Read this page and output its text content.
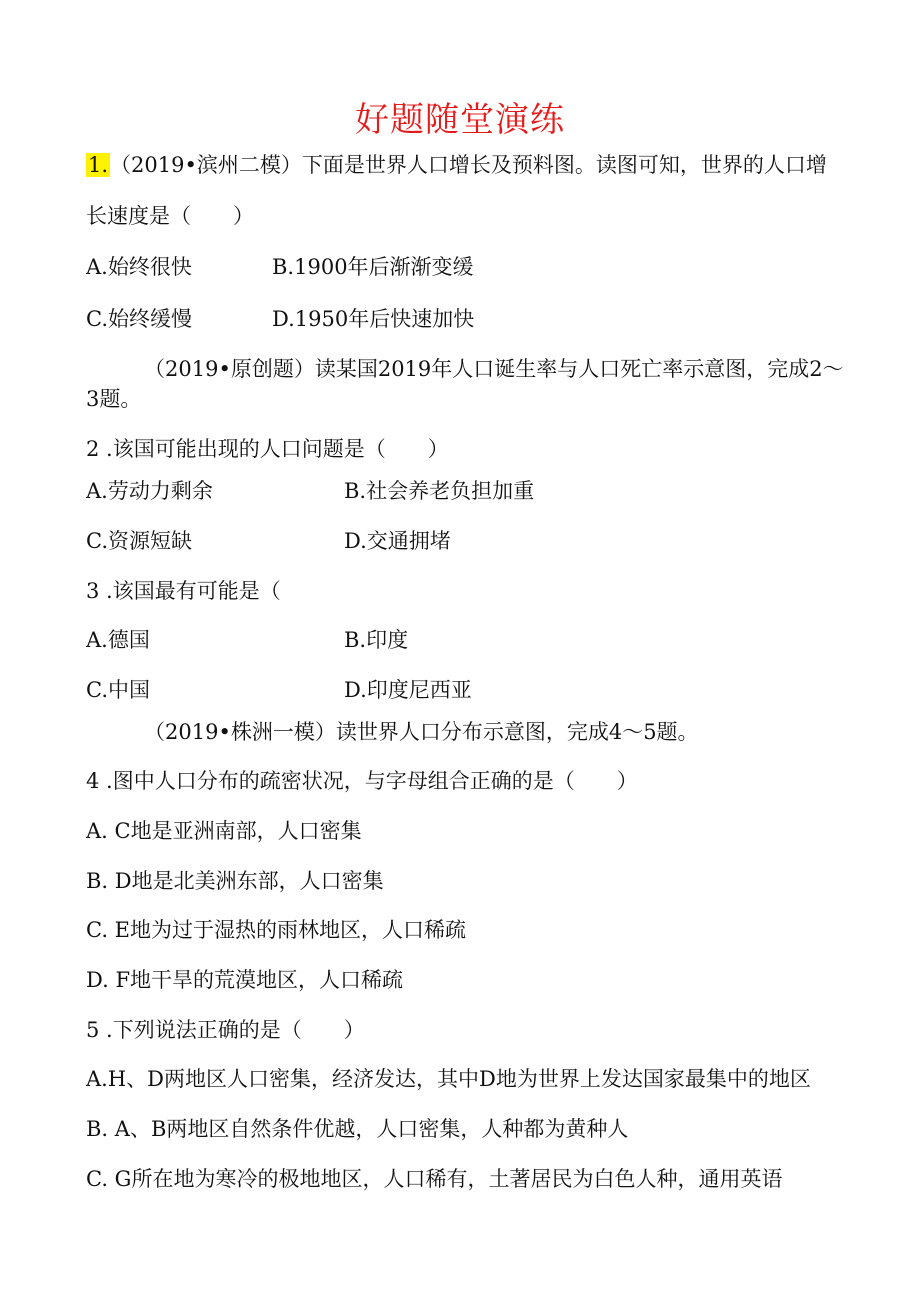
好题随堂演练
1.（2019•滨州二模）下面是世界人口增长及预料图。读图可知，世界的人口增
长速度是（　　）
A.始终很快	B.1900年后渐渐变缓
C.始终缓慢	D.1950年后快速加快
（2019•原创题）读某国2019年人口诞生率与人口死亡率示意图，完成2～
3题。
2 .该国可能出现的人口问题是（　　）
A.劳动力剩余	B.社会养老负担加重
C.资源短缺	D.交通拥堵
3 .该国最有可能是（
A.德国	B.印度
C.中国	D.印度尼西亚
（2019•株洲一模）读世界人口分布示意图，完成4～5题。
4 .图中人口分布的疏密状况，与字母组合正确的是（　　）
A. C地是亚洲南部，人口密集
B. D地是北美洲东部，人口密集
C. E地为过于湿热的雨林地区，人口稀疏
D. F地干旱的荒漠地区，人口稀疏
5 .下列说法正确的是（　　）
A.H、D两地区人口密集，经济发达，其中D地为世界上发达国家最集中的地区
B. A、B两地区自然条件优越，人口密集，人种都为黄种人
C. G所在地为寒冷的极地地区，人口稀有，土著居民为白色人种，通用英语
